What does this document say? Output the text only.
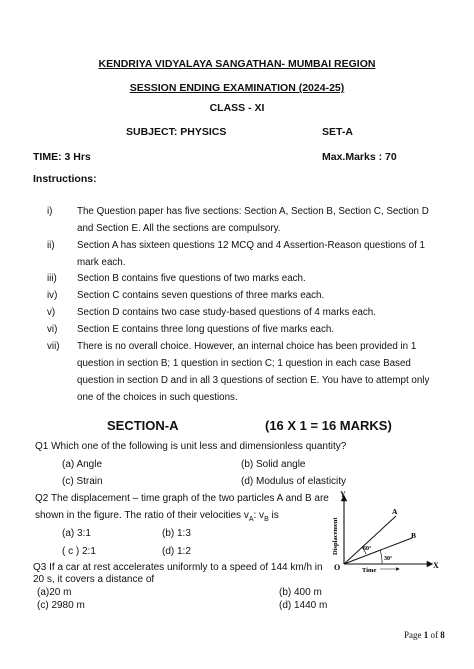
KENDRIYA VIDYALAYA SANGATHAN- MUMBAI REGION
SESSION ENDING EXAMINATION (2024-25)
CLASS - XI
SUBJECT: PHYSICS	SET-A
TIME: 3 Hrs	Max.Marks : 70
Instructions:
i)	The Question paper has five sections: Section A, Section B, Section C, Section D and Section E. All the sections are compulsory.
ii) Section A has sixteen questions 12 MCQ and 4 Assertion-Reason questions of 1 mark each.
iii) Section B contains five questions of two marks each.
iv) Section C contains seven questions of three marks each.
v) Section D contains two case study-based questions of 4 marks each.
vi) Section E contains three long questions of five marks each.
vii) There is no overall choice. However, an internal choice has been provided in 1 question in section B; 1 question in section C; 1 question in each case Based question in section D and in all 3 questions of section E. You have to attempt only one of the choices in such questions.
SECTION-A	(16 X 1 = 16 MARKS)
Q1 Which one of the following is unit less and dimensionless quantity?
(a) Angle	(b) Solid angle
(c) Strain	(d) Modulus of elasticity
Q2 The displacement – time graph of the two particles A and B are
shown in the figure. The ratio of their velocities $v_A$: $v_B$ is
(a) 3:1	(b) 1:3
( c ) 2:1	(d) 1:2
Y
X
O
Displacement
Time
A
B
60°
30°
Q3 If a car at rest accelerates uniformly to a speed of 144 km/h in
20 s, it covers a distance of
(a)20 m	(b) 400 m
(c) 2980 m	(d) 1440 m
Page 1 of 8
